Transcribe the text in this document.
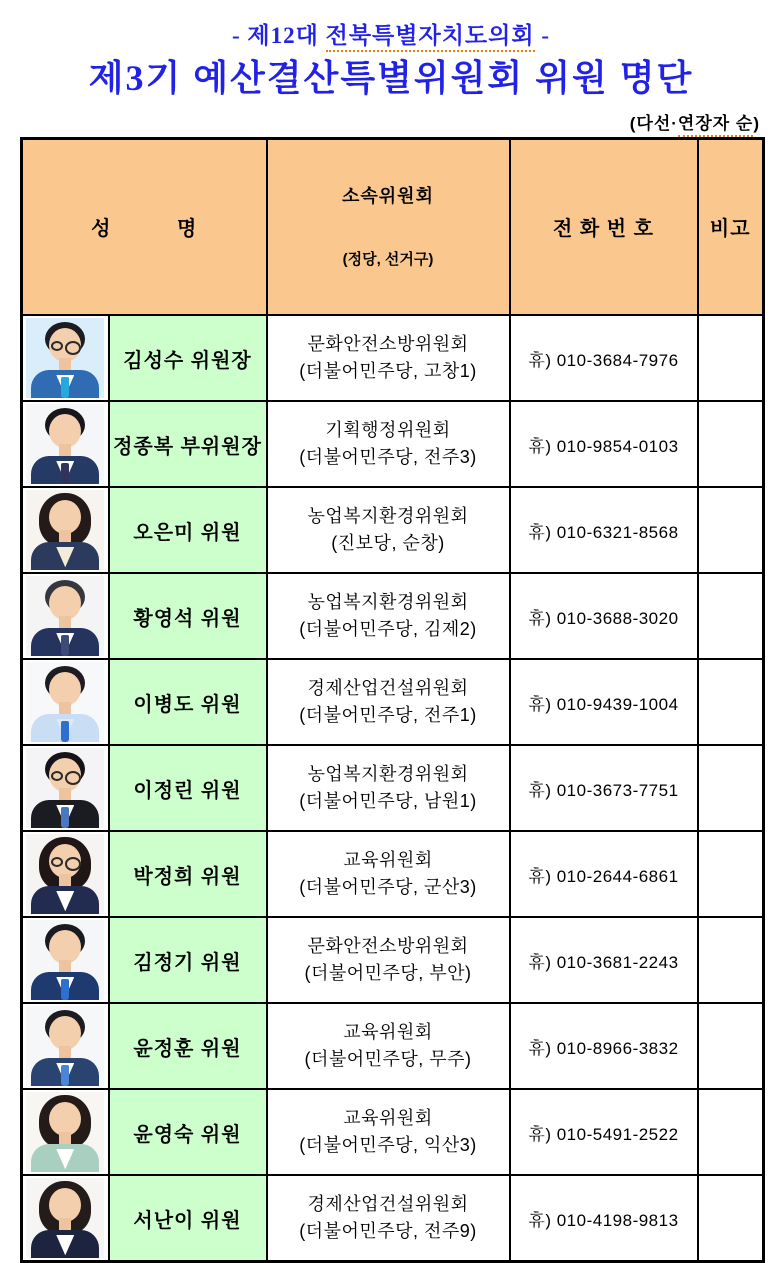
- 제12대 전북특별자치도의회 -
제3기 예산결산특별위원회 위원 명단
(다선·연장자 순)
성          명		소속위원회

(정당, 선거구)	전 화 번 호	비고

	김성수 위원장	문화안전소방위원회
(더불어민주당, 고창1)	휴) 010-3684-7976	

	정종복 부위원장	기획행정위원회
(더불어민주당, 전주3)	휴) 010-9854-0103	

	오은미 위원	농업복지환경위원회
(진보당, 순창)	휴) 010-6321-8568	

	황영석 위원	농업복지환경위원회
(더불어민주당, 김제2)	휴) 010-3688-3020	

	이병도 위원	경제산업건설위원회
(더불어민주당, 전주1)	휴) 010-9439-1004	

	이정린 위원	농업복지환경위원회
(더불어민주당, 남원1)	휴) 010-3673-7751	

	박정희 위원	교육위원회
(더불어민주당, 군산3)	휴) 010-2644-6861	

	김정기 위원	문화안전소방위원회
(더불어민주당, 부안)	휴) 010-3681-2243	

	윤정훈 위원	교육위원회
(더불어민주당, 무주)	휴) 010-8966-3832	

	윤영숙 위원	교육위원회
(더불어민주당, 익산3)	휴) 010-5491-2522	

	서난이 위원	경제산업건설위원회
(더불어민주당, 전주9)	휴) 010-4198-9813	
